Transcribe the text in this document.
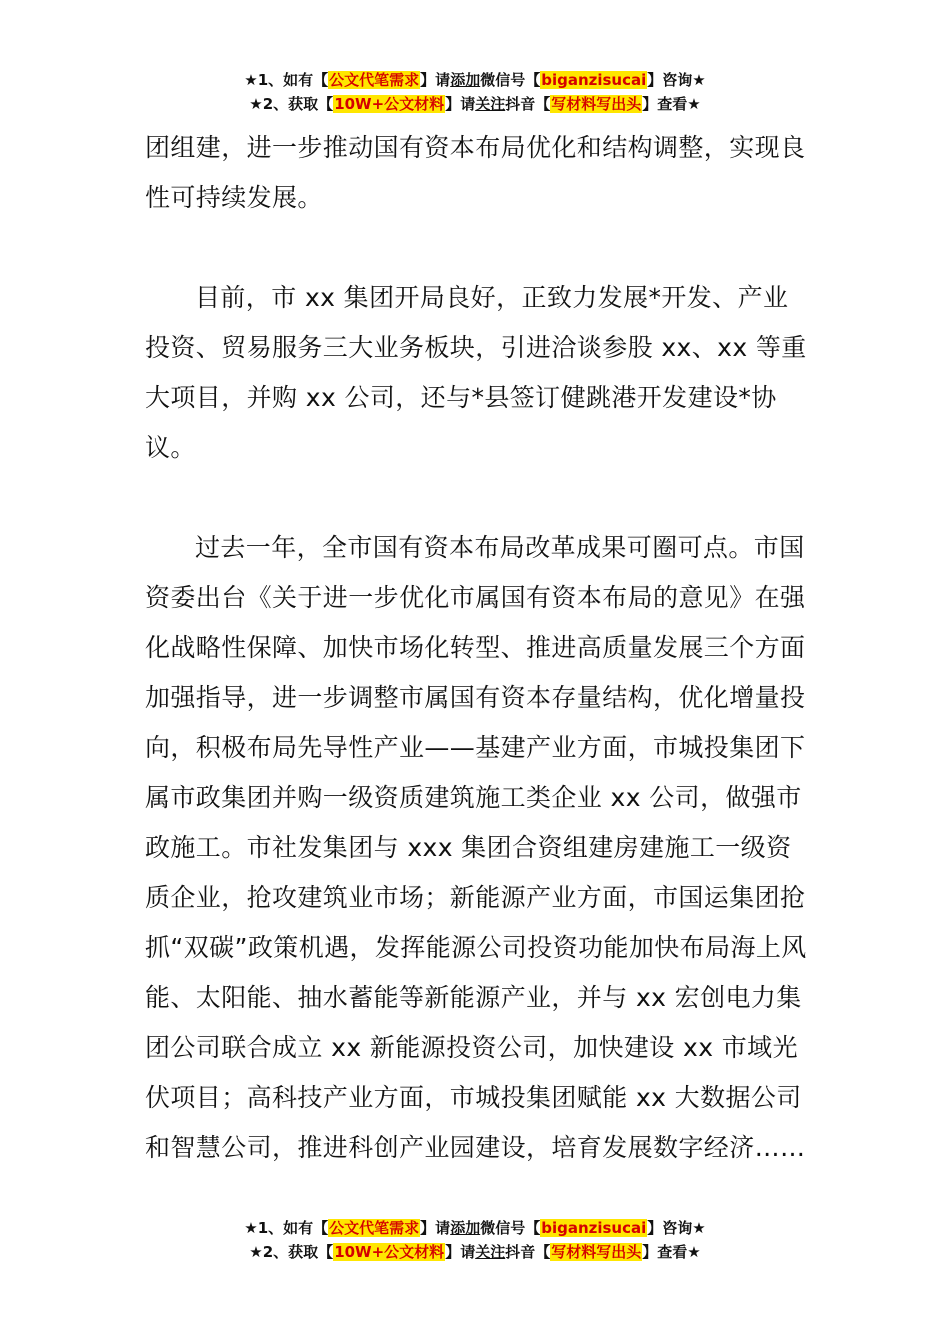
★1、如有【公文代笔需求】请添加微信号【biganzisucai】咨询★
★2、获取【10W+公文材料】请关注抖音【写材料写出头】查看★

团组建，进一步推动国有资本布局优化和结构调整，实现良性可持续发展。

目前，市 xx 集团开局良好，正致力发展*开发、产业投资、贸易服务三大业务板块，引进洽谈参股 xx、xx 等重大项目，并购 xx 公司，还与*县签订健跳港开发建设*协议。

过去一年，全市国有资本布局改革成果可圈可点。市国资委出台《关于进一步优化市属国有资本布局的意见》在强化战略性保障、加快市场化转型、推进高质量发展三个方面加强指导，进一步调整市属国有资本存量结构，优化增量投向，积极布局先导性产业——基建产业方面，市城投集团下属市政集团并购一级资质建筑施工类企业 xx 公司，做强市政施工。市社发集团与 xxx 集团合资组建房建施工一级资质企业，抢攻建筑业市场；新能源产业方面，市国运集团抢抓“双碳”政策机遇，发挥能源公司投资功能加快布局海上风能、太阳能、抽水蓄能等新能源产业，并与 xx 宏创电力集团公司联合成立 xx 新能源投资公司，加快建设 xx 市域光伏项目；高科技产业方面，市城投集团赋能 xx 大数据公司和智慧公司，推进科创产业园建设，培育发展数字经济……

★1、如有【公文代笔需求】请添加微信号【biganzisucai】咨询★
★2、获取【10W+公文材料】请关注抖音【写材料写出头】查看★
